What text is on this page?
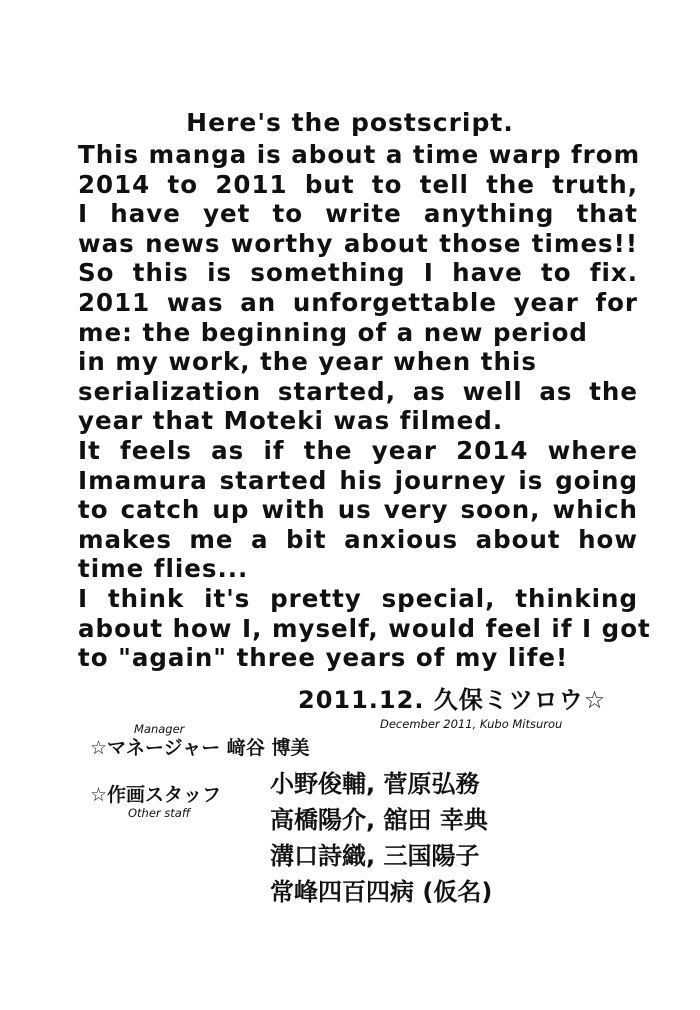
Here's the postscript.
This manga is about a time warp from
2014 to 2011 but to tell the truth,
I have yet to write anything that
was news worthy about those times!!
So this is something I have to fix.
2011 was an unforgettable year for
me: the beginning of a new period
in my work, the year when this
serialization started, as well as the
year that Moteki was filmed.
It feels as if the year 2014 where
Imamura started his journey is going
to catch up with us very soon, which
makes me a bit anxious about how
time flies...
I think it's pretty special, thinking
about how I, myself, would feel if I got
to "again" three years of my life!
2011.12. 久保ミツロウ☆
December 2011, Kubo Mitsurou
Manager
☆マネージャー 﨑谷 博美
☆作画スタッフ
Other staff
小野俊輔, 菅原弘務
高橋陽介, 舘田 幸典
溝口詩織, 三国陽子
常峰四百四病 (仮名)
